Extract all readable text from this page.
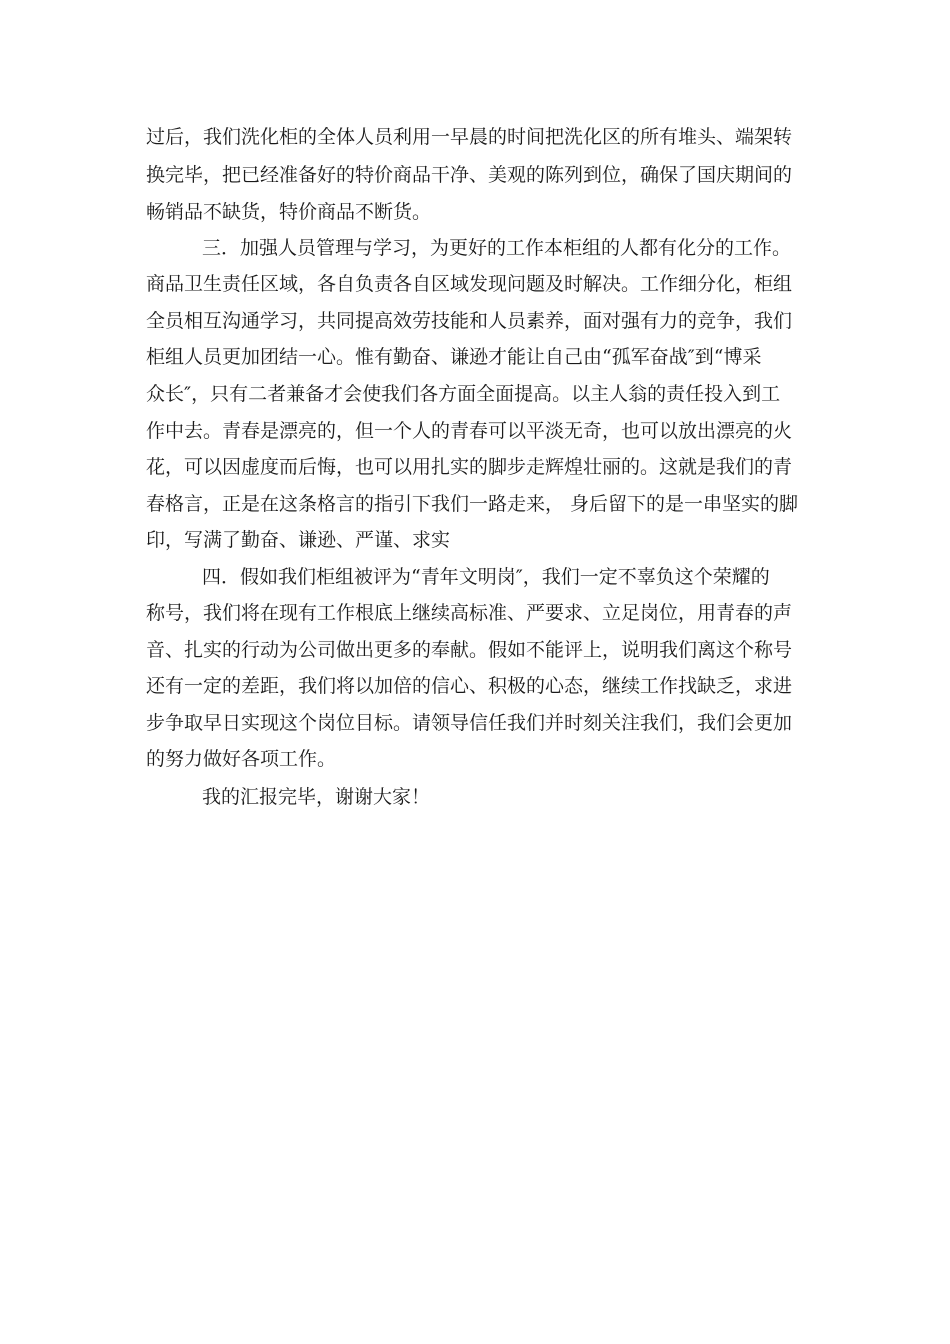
过后，我们洗化柜的全体人员利用一早晨的时间把洗化区的所有堆头、端架转
换完毕，把已经准备好的特价商品干净、美观的陈列到位，确保了国庆期间的
畅销品不缺货，特价商品不断货。
三．加强人员管理与学习，为更好的工作本柜组的人都有化分的工作。
商品卫生责任区域，各自负责各自区域发现问题及时解决。工作细分化，柜组
全员相互沟通学习，共同提高效劳技能和人员素养，面对强有力的竞争，我们
柜组人员更加团结一心。惟有勤奋、谦逊才能让自己由“孤军奋战″到“博采
众长″，只有二者兼备才会使我们各方面全面提高。以主人翁的责任投入到工
作中去。青春是漂亮的，但一个人的青春可以平淡无奇，也可以放出漂亮的火
花，可以因虚度而后悔，也可以用扎实的脚步走辉煌壮丽的。这就是我们的青
春格言，正是在这条格言的指引下我们一路走来， 身后留下的是一串坚实的脚
印，写满了勤奋、谦逊、严谨、求实
四．假如我们柜组被评为“青年文明岗″，我们一定不辜负这个荣耀的
称号，我们将在现有工作根底上继续高标准、严要求、立足岗位，用青春的声
音、扎实的行动为公司做出更多的奉献。假如不能评上，说明我们离这个称号
还有一定的差距，我们将以加倍的信心、积极的心态，继续工作找缺乏，求进
步争取早日实现这个岗位目标。请领导信任我们并时刻关注我们，我们会更加
的努力做好各项工作。
我的汇报完毕，谢谢大家！
